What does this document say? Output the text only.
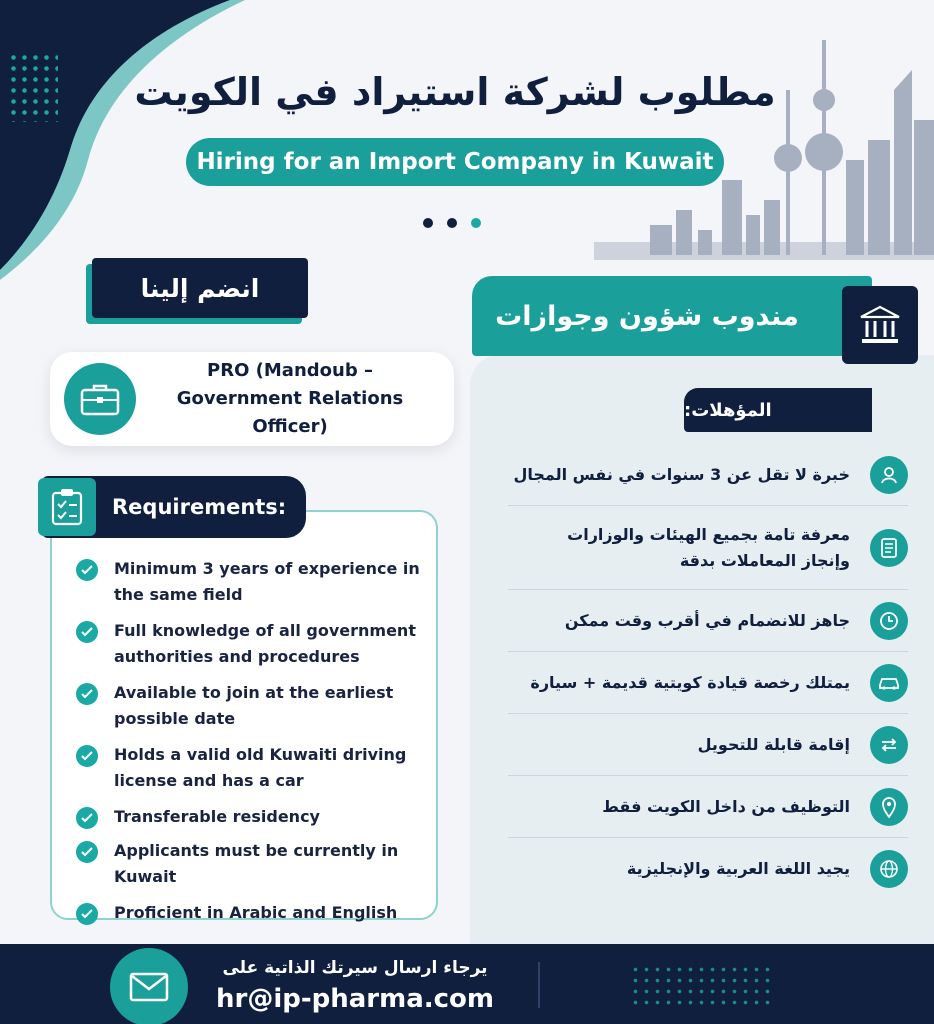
مطلوب لشركة استيراد في الكويت
Hiring for an Import Company in Kuwait
انضم إلينا
PRO (Mandoub –
Government Relations Officer)
Requirements:
Minimum 3 years of experience in
the same field
Full knowledge of all government
authorities and procedures
Available to join at the earliest
possible date
Holds a valid old Kuwaiti driving
license and has a car
Transferable residency
Applicants must be currently in
Kuwait
Proficient in Arabic and English
مندوب شؤون وجوازات
المؤهلات:
خبرة لا تقل عن 3 سنوات في نفس المجال
معرفة تامة بجميع الهيئات والوزارات
وإنجاز المعاملات بدقة
جاهز للانضمام في أقرب وقت ممكن
يمتلك رخصة قيادة كويتية قديمة + سيارة
إقامة قابلة للتحويل
التوظيف من داخل الكويت فقط
يجيد اللغة العربية والإنجليزية
يرجاء ارسال سيرتك الذاتية على
hr@ip-pharma.com
